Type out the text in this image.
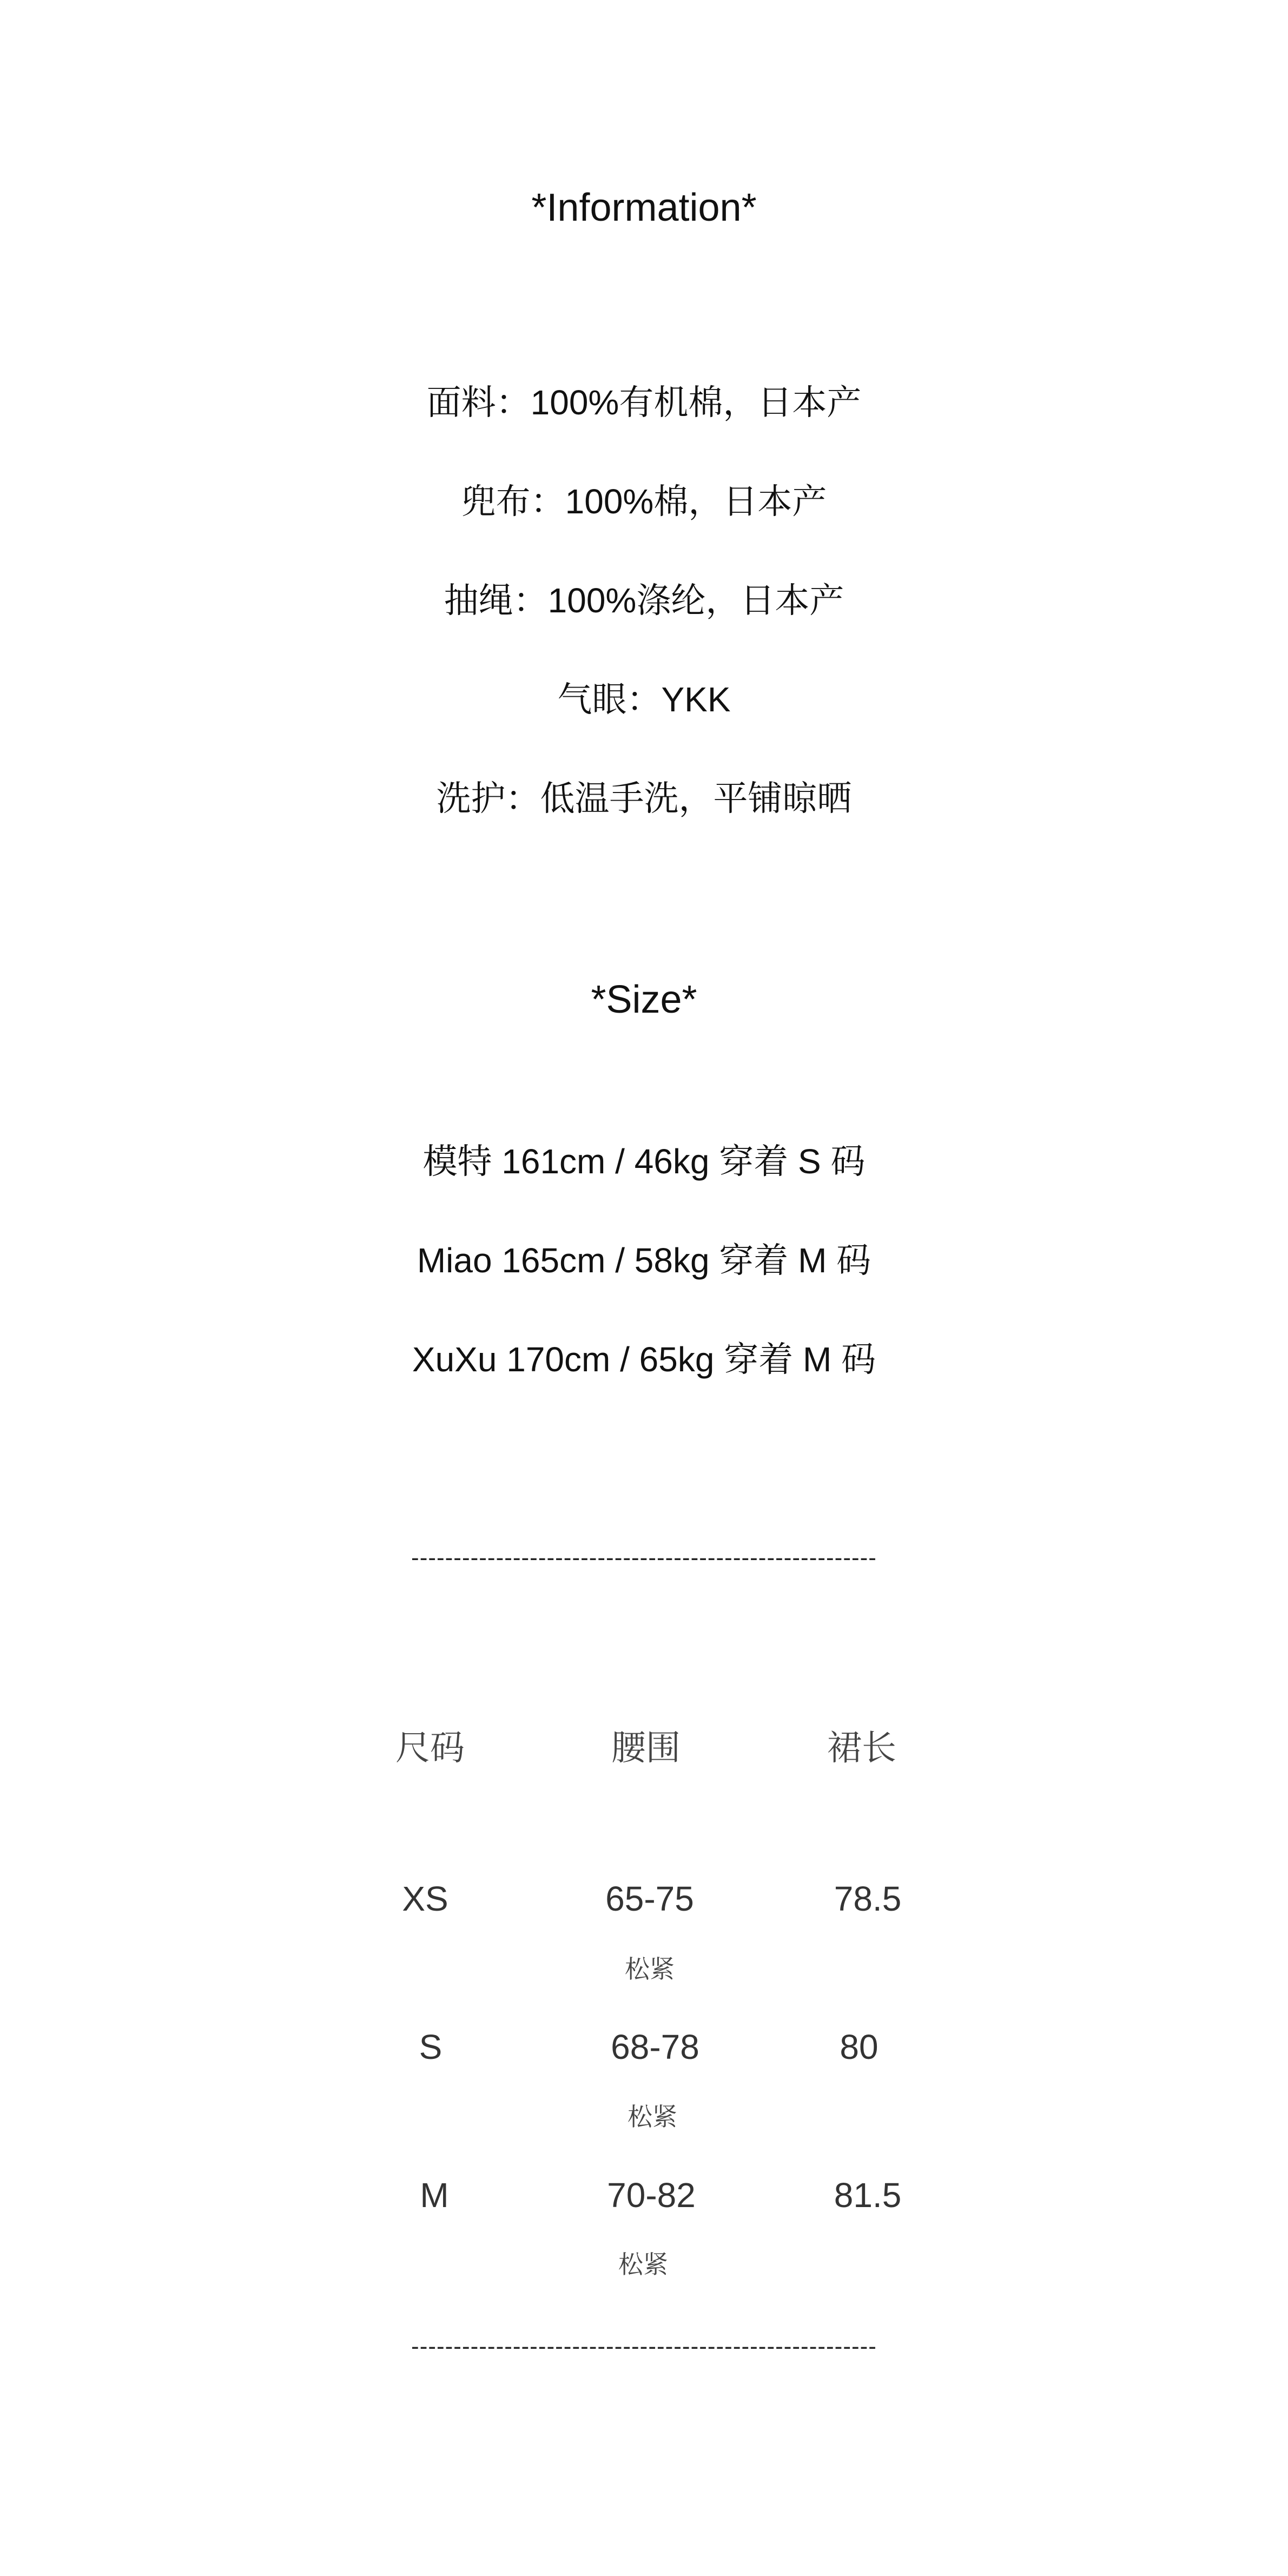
*Information*
面料：100%有机棉，日本产
兜布：100%棉，日本产
抽绳：100%涤纶，日本产
气眼：YKK
洗护：低温手洗，平铺晾晒
*Size*
模特 161cm / 46kg 穿着 S 码
Miao 165cm / 58kg 穿着 M 码
XuXu 170cm / 65kg 穿着 M 码
-------------------------------------------------------
尺码	腰围	裙长
XS	65-75	78.5
松紧
S	68-78	80
松紧
M	70-82	81.5
松紧
-------------------------------------------------------
